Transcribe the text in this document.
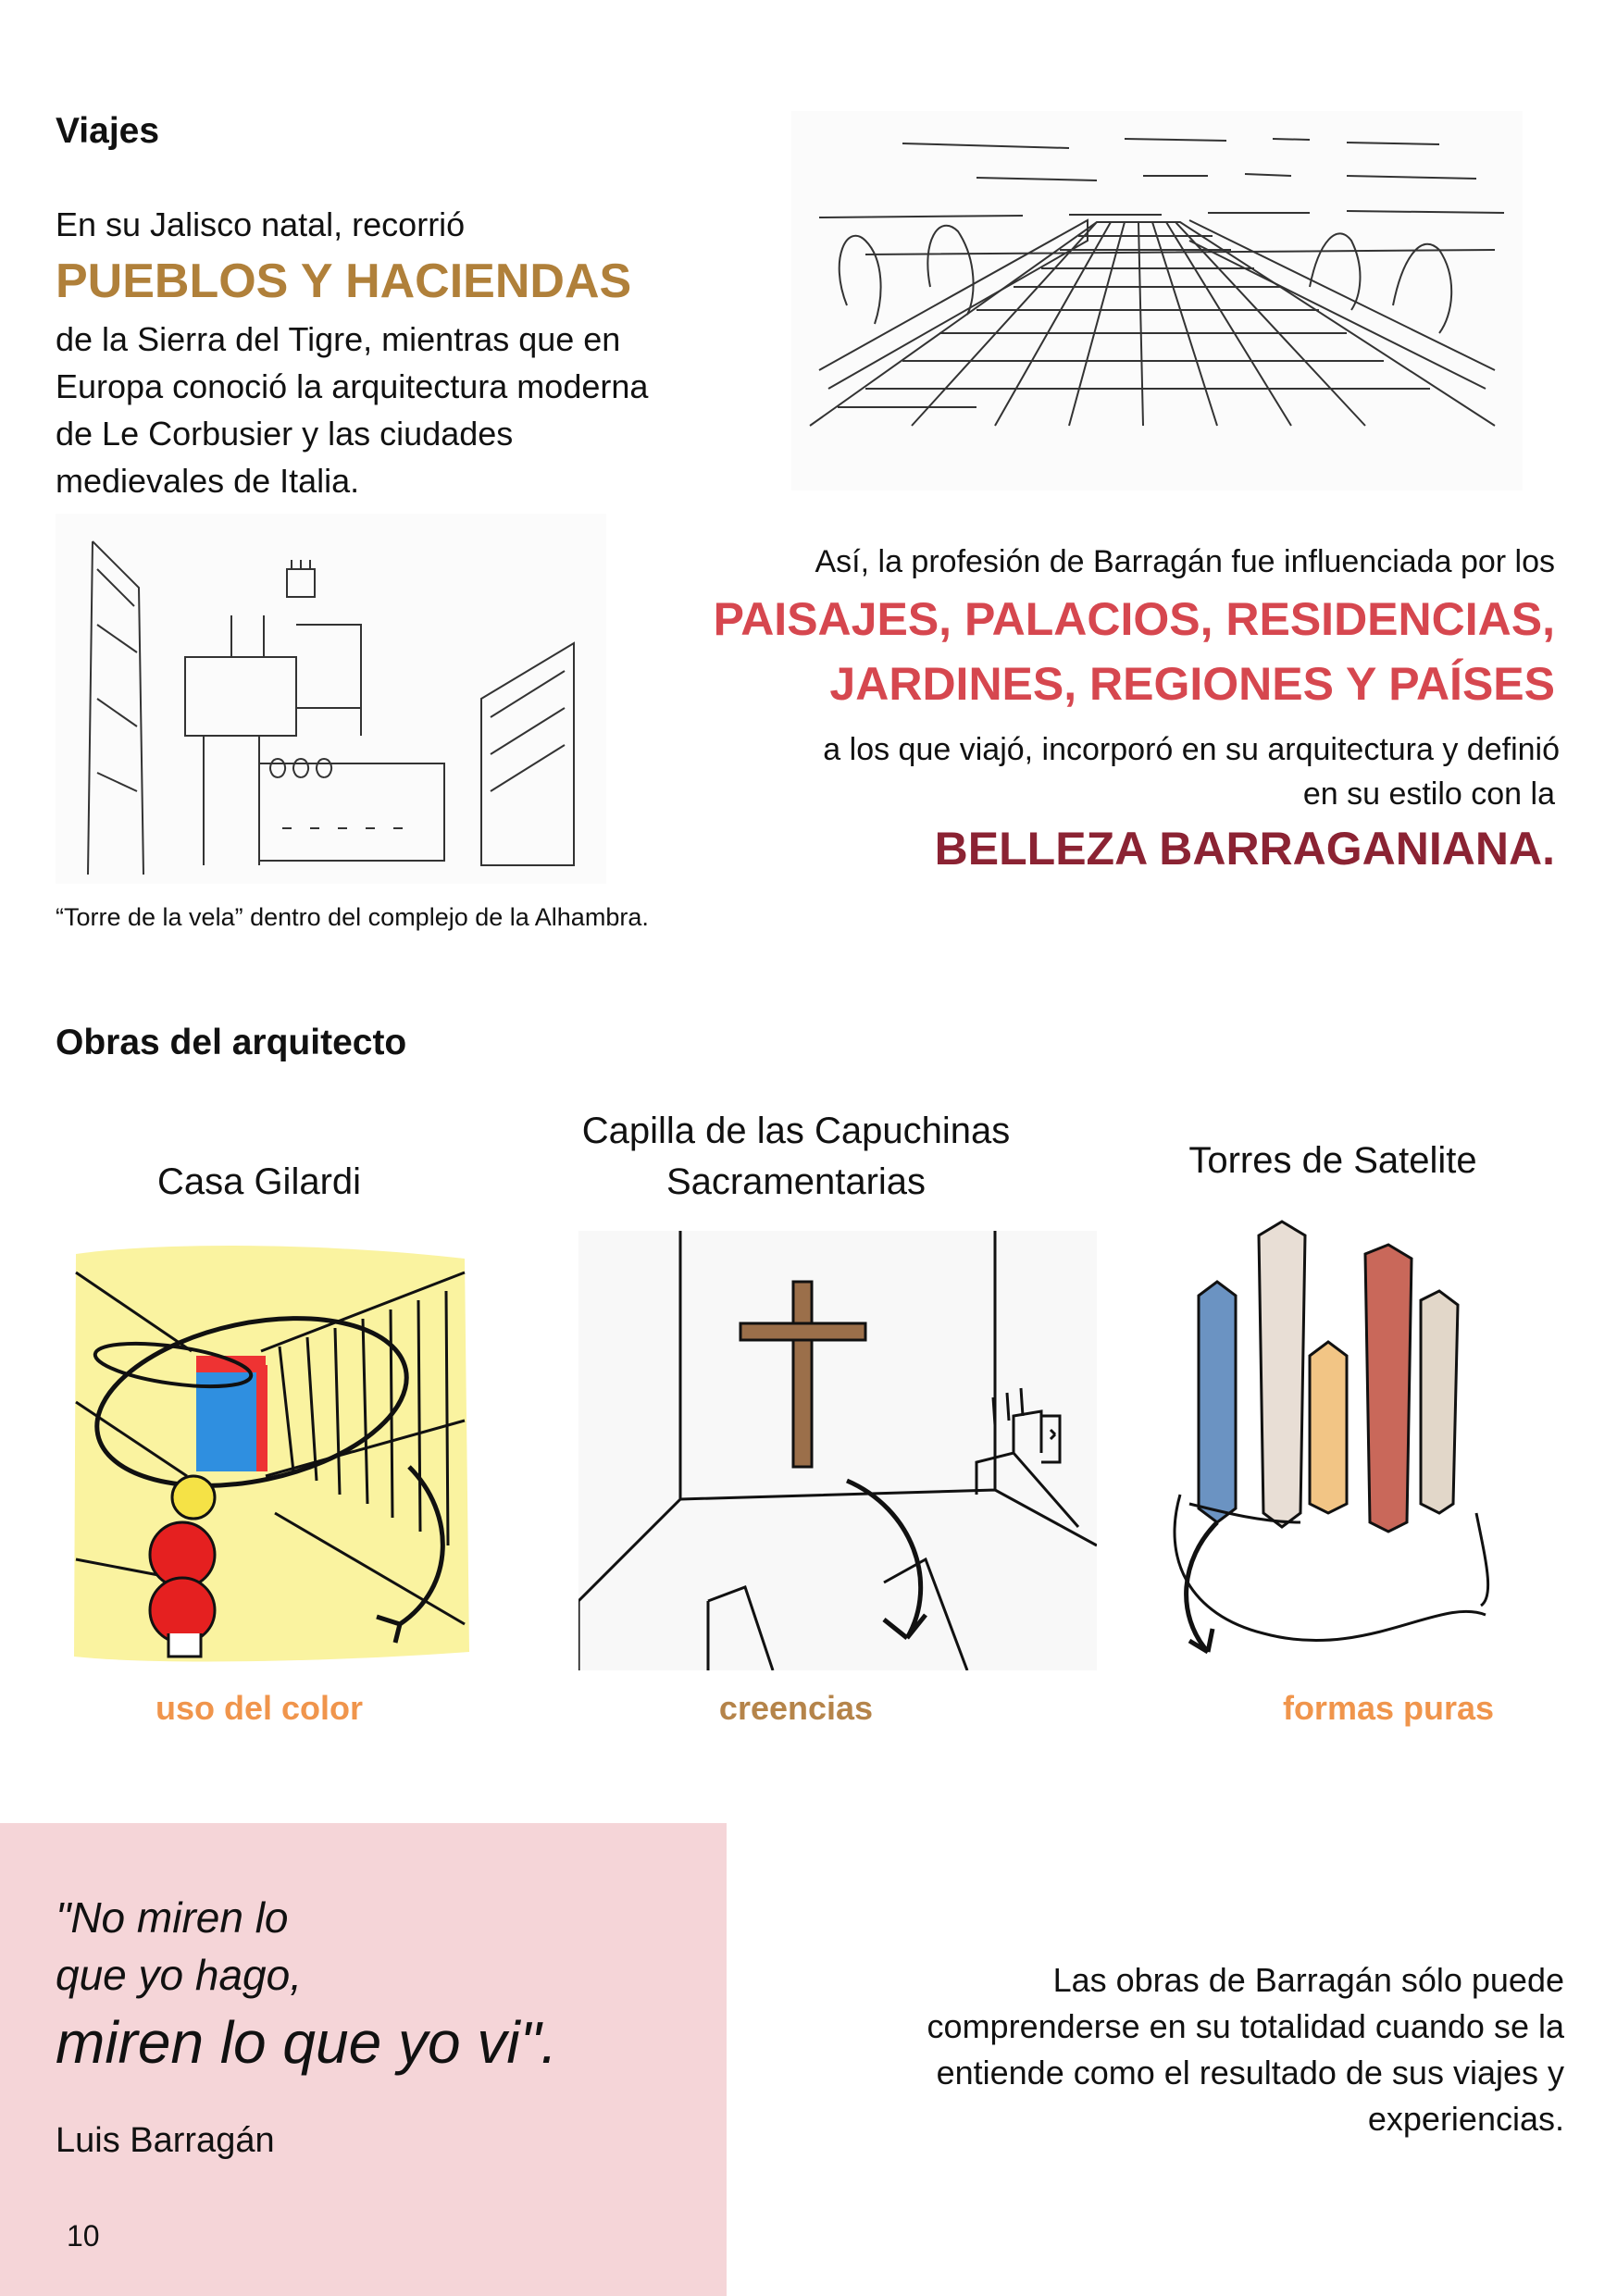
Viajes
En su Jalisco natal, recorrió
PUEBLOS Y HACIENDAS
de la Sierra del Tigre, mientras que en
Europa conoció la arquitectura moderna
de Le Corbusier y las ciudades
medievales de Italia.
Así, la profesión de Barragán fue influenciada por los
PAISAJES, PALACIOS, RESIDENCIAS,
JARDINES, REGIONES Y PAÍSES
a los que viajó, incorporó en su arquitectura y definió
en su estilo con la
BELLEZA BARRAGANIANA.
“Torre de la vela” dentro del complejo de la Alhambra.
Obras del arquitecto
Casa Gilardi
Capilla de las Capuchinas
Sacramentarias
Torres de Satelite
uso del color	creencias	formas puras
"No miren lo
que yo hago,
miren lo que yo vi".
Luis Barragán
10
Las obras de Barragán sólo puede
comprenderse en su totalidad cuando se la
entiende como el resultado de sus viajes y
experiencias.
